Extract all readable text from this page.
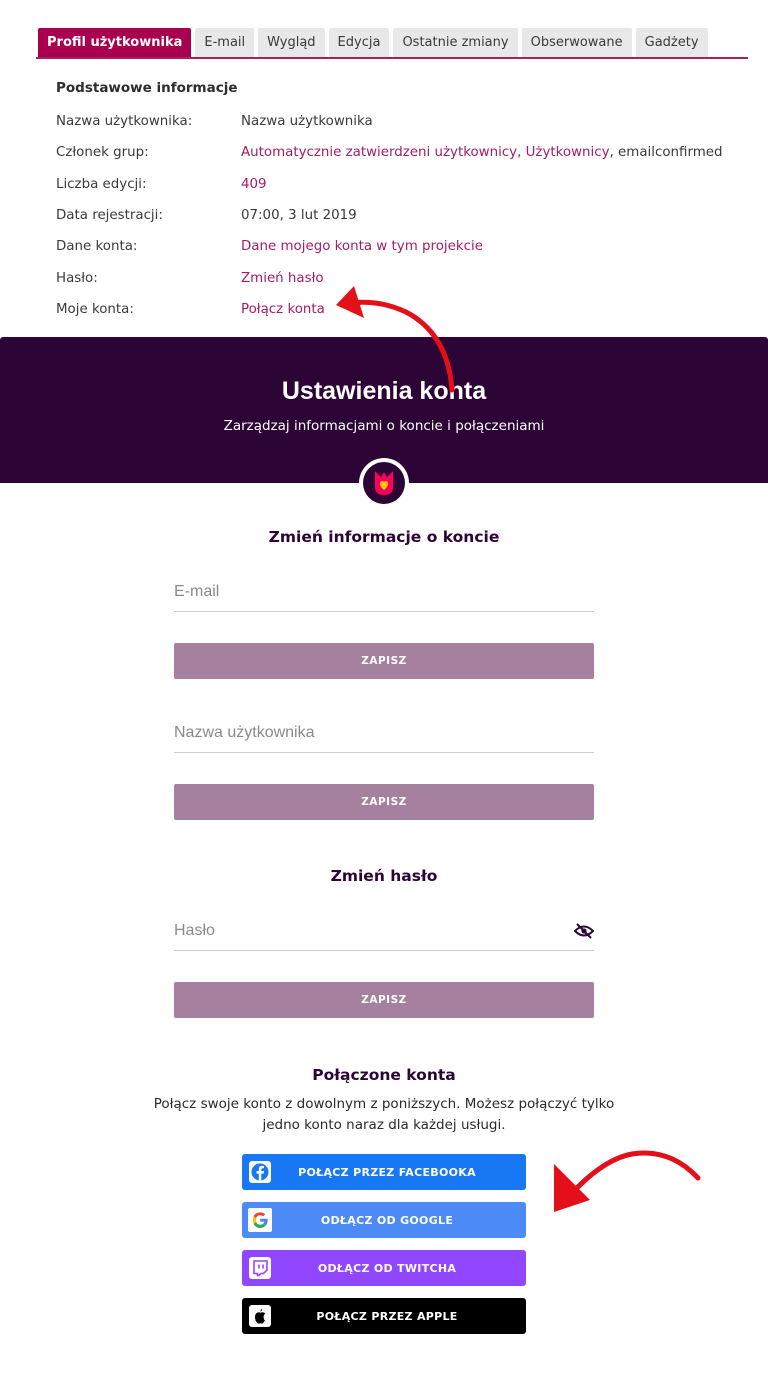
Profil użytkownika	E-mail	Wygląd	Edycja	Ostatnie zmiany	Obserwowane	Gadżety
Podstawowe informacje
Nazwa użytkownika:	Nazwa użytkownika
Członek grup:	Automatycznie zatwierdzeni użytkownicy, Użytkownicy, emailconfirmed
Liczba edycji:	409
Data rejestracji:	07:00, 3 lut 2019
Dane konta:	Dane mojego konta w tym projekcie
Hasło:	Zmień hasło
Moje konta:	Połącz konta
Ustawienia konta

Zarządzaj informacjami o koncie i połączeniami

Zmień informacje o koncie
E-mail
ZAPISZ
Nazwa użytkownika
ZAPISZ
Zmień hasło
ZAPISZ
Połączone konta
Połącz swoje konto z dowolnym z poniższych. Możesz połączyć tylko jedno konto naraz dla każdej usługi.
POŁĄCZ PRZEZ FACEBOOKA
ODŁĄCZ OD GOOGLE
ODŁĄCZ OD TWITCHA
POŁĄCZ PRZEZ APPLE
